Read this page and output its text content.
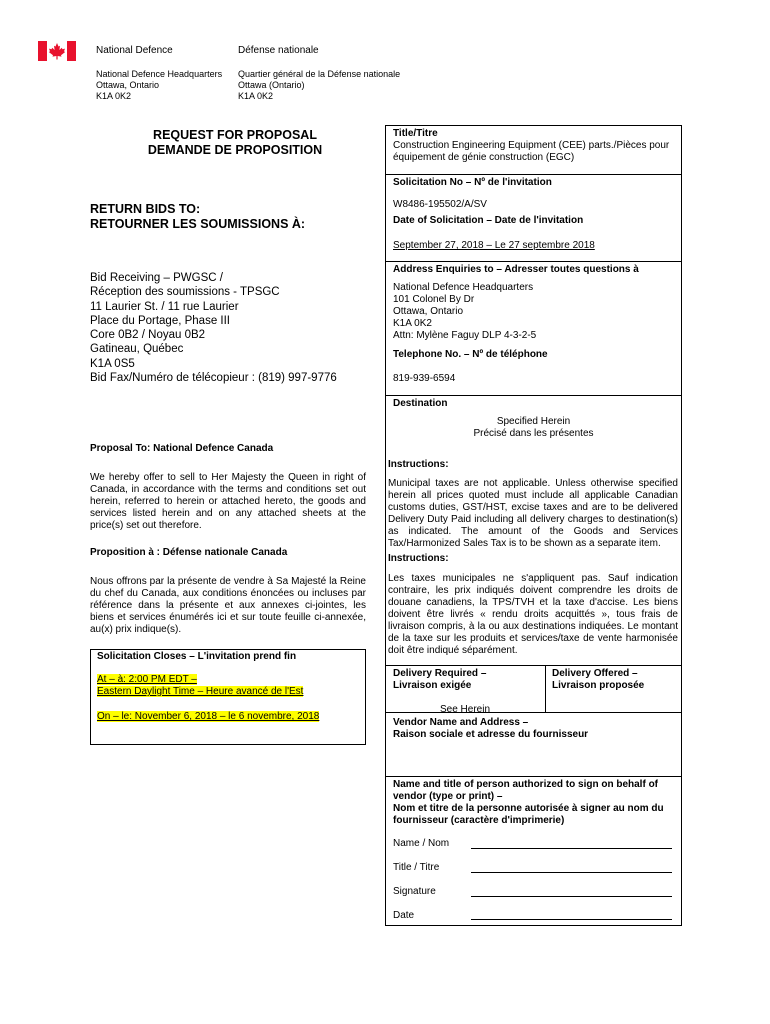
National Defence	Défense nationale
National Defence Headquarters
Ottawa, Ontario
K1A 0K2
Quartier général de la Défense nationale
Ottawa (Ontario)
K1A 0K2
REQUEST FOR PROPOSAL
DEMANDE DE PROPOSITION
RETURN BIDS TO:
RETOURNER LES SOUMISSIONS À:
Bid Receiving – PWGSC /
Réception des soumissions - TPSGC
11 Laurier St. / 11 rue Laurier
Place du Portage, Phase III
Core 0B2 / Noyau 0B2
Gatineau, Québec
K1A 0S5
Bid Fax/Numéro de télécopieur : (819) 997-9776
Proposal To: National Defence Canada
We hereby offer to sell to Her Majesty the Queen in right of Canada, in accordance with the terms and conditions set out herein, referred to herein or attached hereto, the goods and services listed herein and on any attached sheets at the price(s) set out therefore.
Proposition à : Défense nationale Canada
Nous offrons par la présente de vendre à Sa Majesté la Reine du chef du Canada, aux conditions énoncées ou incluses par référence dans la présente et aux annexes ci-jointes, les biens et services énumérés ici et sur toute feuille ci-annexée, au(x) prix indique(s).
Solicitation Closes – L'invitation prend fin
At – à: 2:00 PM EDT –
Eastern Daylight Time – Heure avancé de l'Est
On – le: November 6, 2018 – le 6 novembre, 2018
Title/Titre
Construction Engineering Equipment (CEE) parts./Pièces pour équipement de génie construction (EGC)
Solicitation No – Nº de l'invitation
W8486-195502/A/SV
Date of Solicitation – Date de l'invitation
September 27, 2018 – Le 27 septembre 2018
Address Enquiries to – Adresser toutes questions à
National Defence Headquarters
101 Colonel By Dr
Ottawa, Ontario
K1A 0K2
Attn: Mylène Faguy DLP 4-3-2-5
Telephone No. – Nº de téléphone
819-939-6594
Destination
Specified Herein
Précisé dans les présentes
Instructions:
Municipal taxes are not applicable. Unless otherwise specified herein all prices quoted must include all applicable Canadian customs duties, GST/HST, excise taxes and are to be delivered Delivery Duty Paid including all delivery charges to destination(s) as indicated. The amount of the Goods and Services Tax/Harmonized Sales Tax is to be shown as a separate item.
Instructions:
Les taxes municipales ne s'appliquent pas. Sauf indication contraire, les prix indiqués doivent comprendre les droits de douane canadiens, la TPS/TVH et la taxe d'accise. Les biens doivent être livrés « rendu droits acquittés », tous frais de livraison compris, à la ou aux destinations indiquées. Le montant de la taxe sur les produits et services/taxe de vente harmonisée doit être indiqué séparément.
Delivery Required –
Livraison exigée
Delivery Offered –
Livraison proposée
See Herein
Vendor Name and Address –
Raison sociale et adresse du fournisseur
Name and title of person authorized to sign on behalf of
vendor (type or print) –
Nom et titre de la personne autorisée à signer au nom du
fournisseur (caractère d'imprimerie)
Name / Nom
Title / Titre
Signature
Date
